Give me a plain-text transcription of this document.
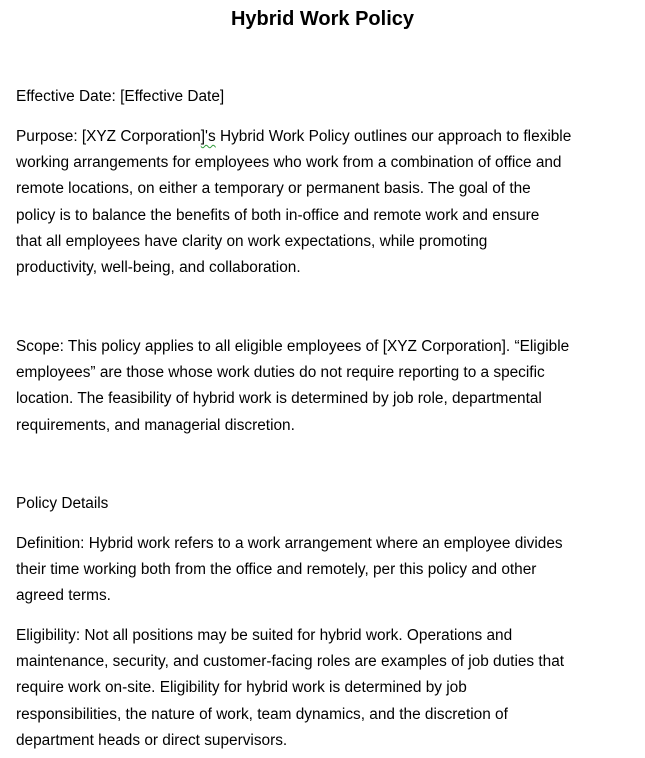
Hybrid Work Policy
Effective Date: [Effective Date]
Purpose: [XYZ Corporation]'s Hybrid Work Policy outlines our approach to flexible
working arrangements for employees who work from a combination of office and
remote locations, on either a temporary or permanent basis. The goal of the
policy is to balance the benefits of both in-office and remote work and ensure
that all employees have clarity on work expectations, while promoting
productivity, well-being, and collaboration.
Scope: This policy applies to all eligible employees of [XYZ Corporation]. “Eligible
employees” are those whose work duties do not require reporting to a specific
location. The feasibility of hybrid work is determined by job role, departmental
requirements, and managerial discretion.
Policy Details
Definition: Hybrid work refers to a work arrangement where an employee divides
their time working both from the office and remotely, per this policy and other
agreed terms.
Eligibility: Not all positions may be suited for hybrid work. Operations and
maintenance, security, and customer-facing roles are examples of job duties that
require work on-site. Eligibility for hybrid work is determined by job
responsibilities, the nature of work, team dynamics, and the discretion of
department heads or direct supervisors.
